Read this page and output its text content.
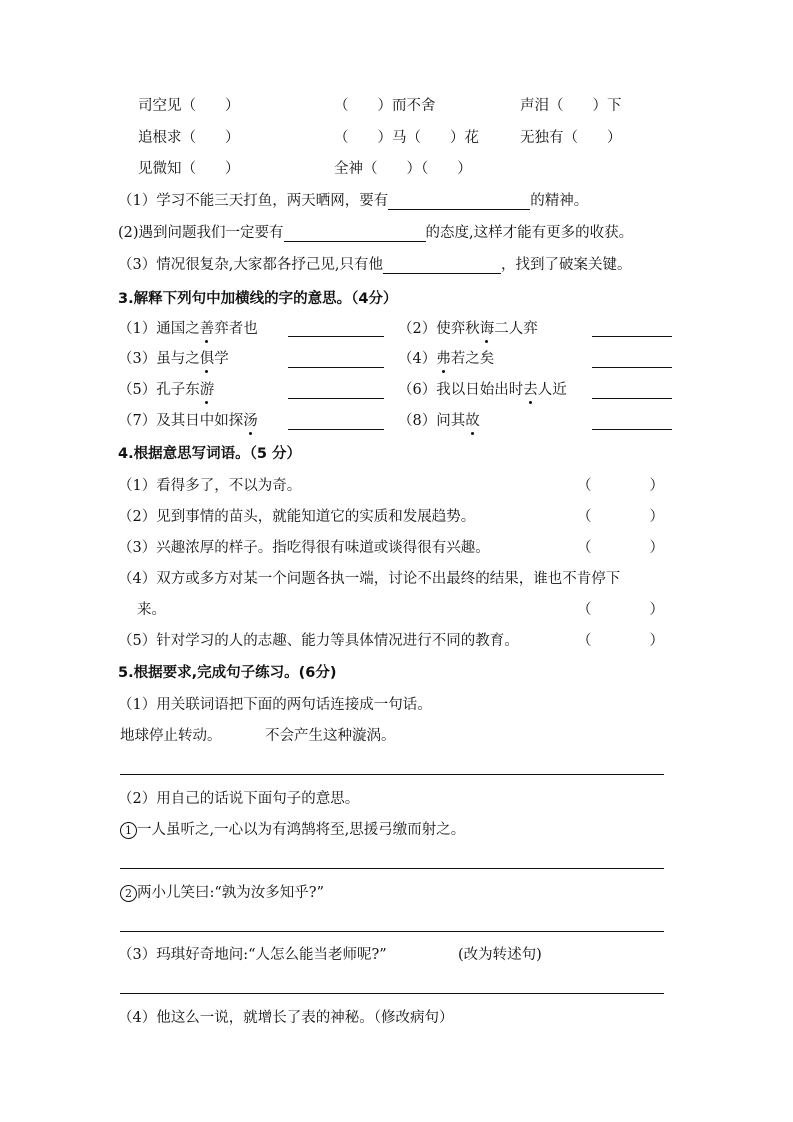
司空见（　　）	（　　）而不舍	声泪（　　）下
追根求（　　）	（　　）马（　　）花	无独有（　　）
见微知（　　）	全神（　　）（　　）
（1）学习不能三天打鱼，两天晒网，要有	的精神。
(2)遇到问题我们一定要有	的态度,这样才能有更多的收获。
（3）情况很复杂,大家都各抒己见,只有他	，找到了破案关键。
3.解释下列句中加横线的字的意思。（4分）
（1）通国之善弈者也	（2）使弈秋诲二人弈
（3）虽与之俱学	（4）弗若之矣
（5）孔子东游	（6）我以日始出时去人近
（7）及其日中如探汤	（8）问其故
4.根据意思写词语。（5 分）
（1）看得多了，不以为奇。	（　　　　）
（2）见到事情的苗头，就能知道它的实质和发展趋势。	（　　　　）
（3）兴趣浓厚的样子。指吃得很有味道或谈得很有兴趣。	（　　　　）
（4）双方或多方对某一个问题各执一端，讨论不出最终的结果，谁也不肯停下
来。	（　　　　）
（5）针对学习的人的志趣、能力等具体情况进行不同的教育。	（　　　　）
5.根据要求,完成句子练习。(6分)
（1）用关联词语把下面的两句话连接成一句话。
地球停止转动。	不会产生这种漩涡。
（2）用自己的话说下面句子的意思。
1 一人虽听之,一心以为有鸿鹄将至,思援弓缴而射之。
2 两小儿笑曰:“孰为汝多知乎?”
（3）玛琪好奇地问:“人怎么能当老师呢?”	(改为转述句)
（4）他这么一说，就增长了表的神秘。（修改病句）
